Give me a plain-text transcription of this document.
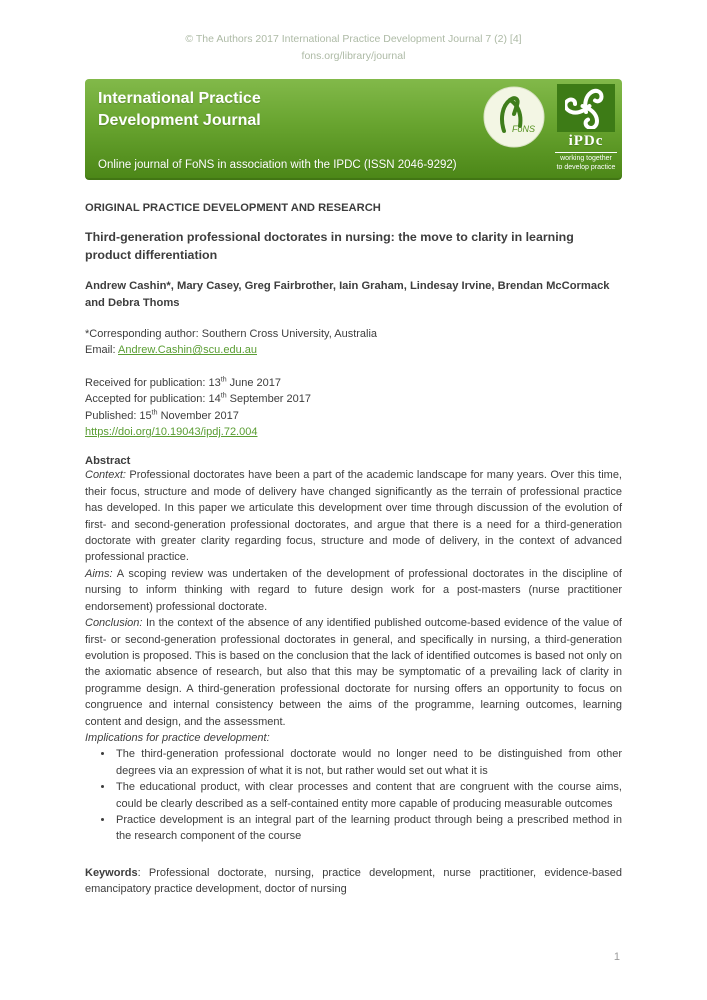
© The Authors 2017 International Practice Development Journal 7 (2) [4]
fons.org/library/journal
International Practice
Development Journal
Online journal of FoNS in association with the IPDC (ISSN 2046-9292)
FoNS
iPDc
working together
to develop practice
ORIGINAL PRACTICE DEVELOPMENT AND RESEARCH
Third-generation professional doctorates in nursing: the move to clarity in learning product differentiation
Andrew Cashin*, Mary Casey, Greg Fairbrother, Iain Graham, Lindesay Irvine, Brendan McCormack and Debra Thoms

*Corresponding author: Southern Cross University, Australia

Email: Andrew.Cashin@scu.edu.au

Received for publication: 13th June 2017

Accepted for publication: 14th September 2017

Published: 15th November 2017

https://doi.org/10.19043/ipdj.72.004

Abstract

Context: Professional doctorates have been a part of the academic landscape for many years. Over this time, their focus, structure and mode of delivery have changed significantly as the terrain of professional practice has developed. In this paper we articulate this development over time through discussion of the evolution of first- and second-generation professional doctorates, and argue that there is a need for a third-generation doctorate with greater clarity regarding focus, structure and mode of delivery, in the context of advanced professional practice.

Aims: A scoping review was undertaken of the development of professional doctorates in the discipline of nursing to inform thinking with regard to future design work for a post-masters (nurse practitioner endorsement) professional doctorate.

Conclusion: In the context of the absence of any identified published outcome-based evidence of the value of first- or second-generation professional doctorates in general, and specifically in nursing, a third-generation evolution is proposed. This is based on the conclusion that the lack of identified outcomes is based not only on the axiomatic absence of research, but also that this may be symptomatic of a prevailing lack of clarity in programme design. A third-generation professional doctorate for nursing offers an opportunity to focus on congruence and internal consistency between the aims of the programme, learning outcomes, learning content and design, and the assessment.

Implications for practice development:

• The third-generation professional doctorate would no longer need to be distinguished from other degrees via an expression of what it is not, but rather would set out what it is
• The educational product, with clear processes and content that are congruent with the course aims, could be clearly described as a self-contained entity more capable of producing measurable outcomes
• Practice development is an integral part of the learning product through being a prescribed method in the research component of the course
Keywords: Professional doctorate, nursing, practice development, nurse practitioner, evidence-based emancipatory practice development, doctor of nursing
1
